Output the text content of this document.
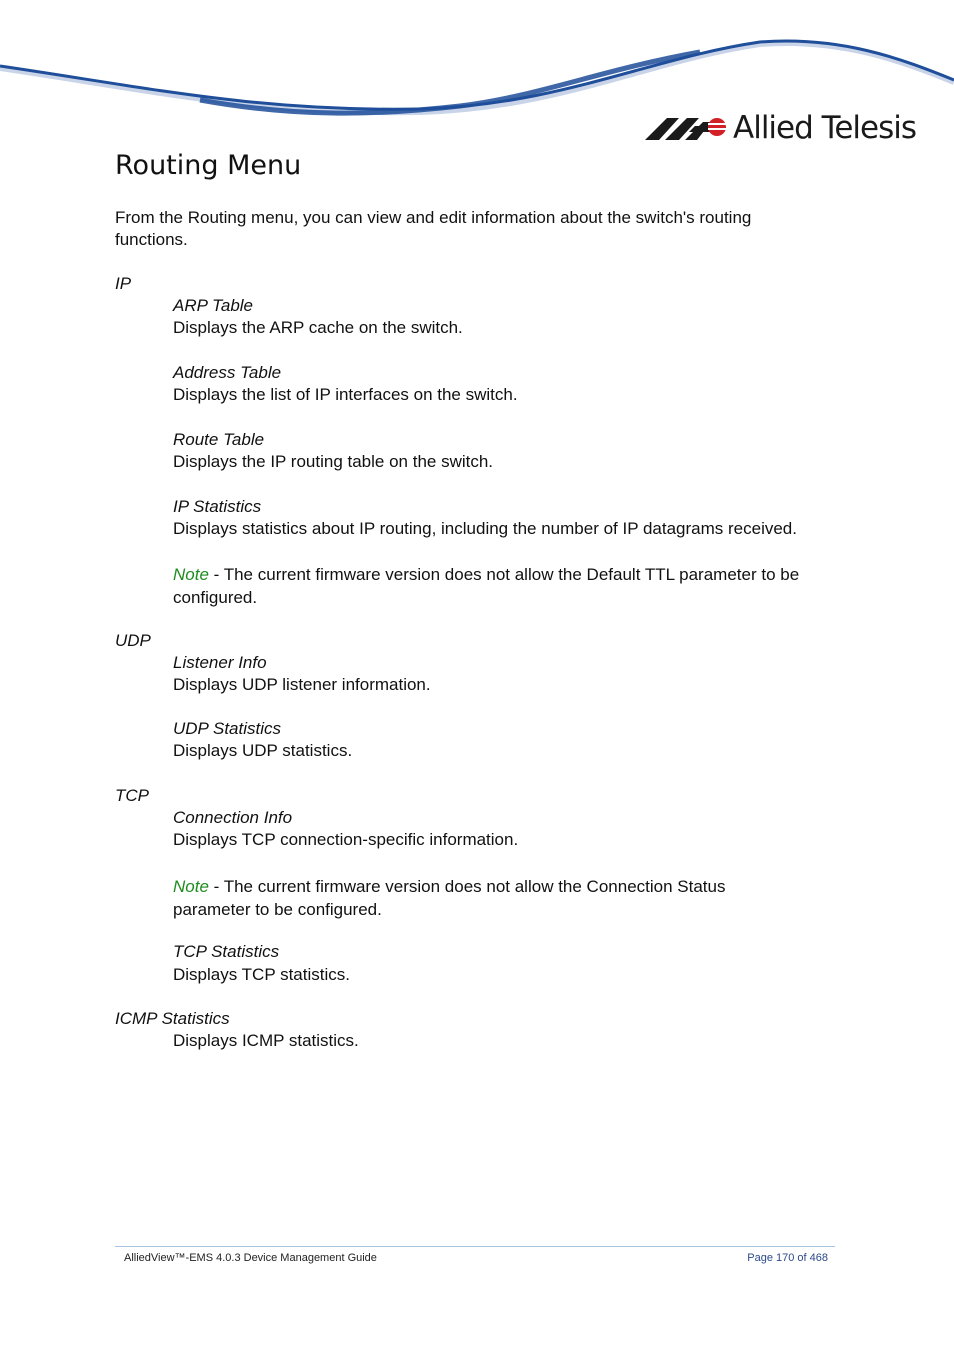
Allied Telesis
Routing Menu
From the Routing menu, you can view and edit information about the switch's routing functions.
IP
ARP Table
Displays the ARP cache on the switch.
Address Table
Displays the list of IP interfaces on the switch.
Route Table
Displays the IP routing table on the switch.
IP Statistics
Displays statistics about IP routing, including the number of IP datagrams received.
Note - The current firmware version does not allow the Default TTL parameter to be configured.
UDP
Listener Info
Displays UDP listener information.
UDP Statistics
Displays UDP statistics.
TCP
Connection Info
Displays TCP connection-specific information.
Note - The current firmware version does not allow the Connection Status parameter to be configured.
TCP Statistics
Displays TCP statistics.
ICMP Statistics
Displays ICMP statistics.
AlliedView™-EMS 4.0.3 Device Management Guide	Page 170 of 468
